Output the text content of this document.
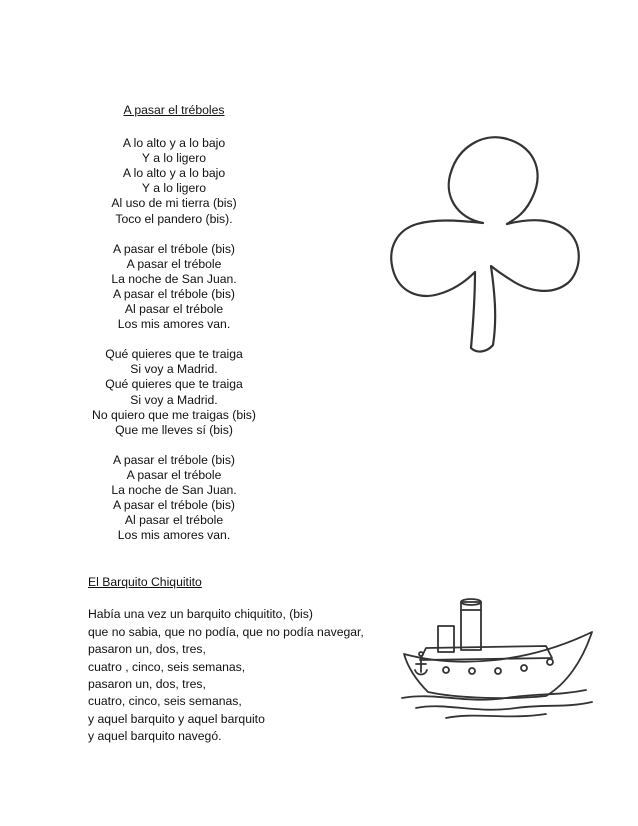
A pasar el tréboles
A lo alto y a lo bajo
Y a lo ligero
A lo alto y a lo bajo
Y a lo ligero
Al uso de mi tierra (bis)
Toco el pandero (bis).
A pasar el trébole (bis)
A pasar el trébole
La noche de San Juan.
A pasar el trébole (bis)
Al pasar el trébole
Los mis amores van.
Qué quieres que te traiga
Si voy a Madrid.
Qué quieres que te traiga
Si voy a Madrid.
No quiero que me traigas (bis)
Que me lleves sí (bis)
A pasar el trébole (bis)
A pasar el trébole
La noche de San Juan.
A pasar el trébole (bis)
Al pasar el trébole
Los mis amores van.
El Barquito Chiquitito
Había una vez un barquito chiquitito, (bis)
que no sabia, que no podía, que no podía navegar,
pasaron un, dos, tres,
cuatro , cinco, seis semanas,
pasaron un, dos, tres,
cuatro, cinco, seis semanas,
y aquel barquito y aquel barquito
y aquel barquito navegó.
